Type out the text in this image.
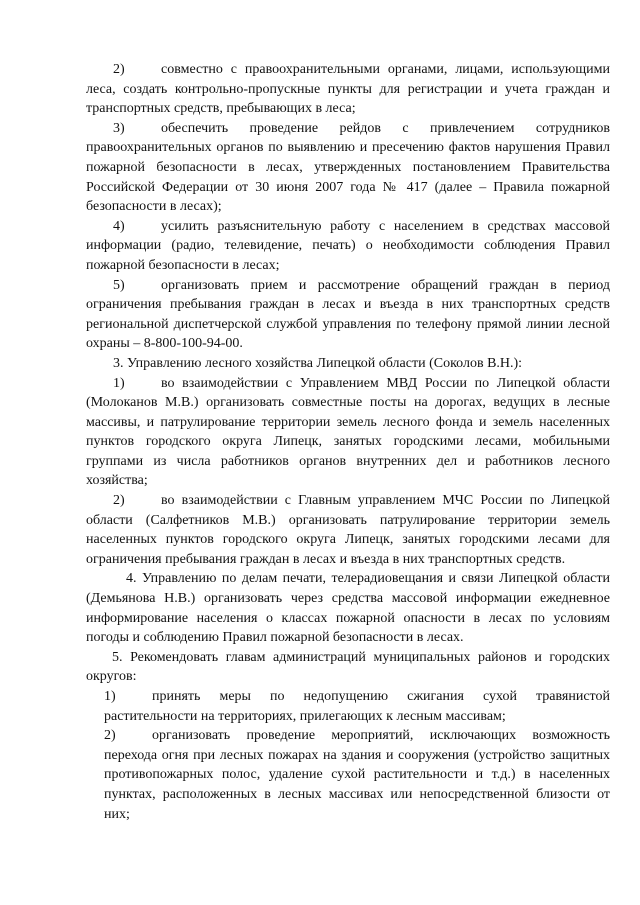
2)	совместно с правоохранительными органами, лицами, использующими леса, создать контрольно-пропускные пункты для регистрации и учета граждан и транспортных средств, пребывающих в леса;

3)	обеспечить проведение рейдов с привлечением сотрудников правоохранительных органов по выявлению и пресечению фактов нарушения Правил пожарной безопасности в лесах, утвержденных постановлением Правительства Российской Федерации от 30 июня 2007 года № 417 (далее – Правила пожарной безопасности в лесах);

4)	усилить разъяснительную работу с населением в средствах массовой информации (радио, телевидение, печать) о необходимости соблюдения Правил пожарной безопасности в лесах;

5)	организовать прием и рассмотрение обращений граждан в период ограничения пребывания граждан в лесах и въезда в них транспортных средств региональной диспетчерской службой управления по телефону прямой линии лесной охраны – 8-800-100-94-00.

3. Управлению лесного хозяйства Липецкой области (Соколов В.Н.):

1)	во взаимодействии с Управлением МВД России по Липецкой области (Молоканов М.В.) организовать совместные посты на дорогах, ведущих в лесные массивы, и патрулирование территории земель лесного фонда и земель населенных пунктов городского округа Липецк, занятых городскими лесами, мобильными группами из числа работников органов внутренних дел и работников лесного хозяйства;

2)	во взаимодействии с Главным управлением МЧС России по Липецкой области (Салфетников М.В.) организовать патрулирование территории земель населенных пунктов городского округа Липецк, занятых городскими лесами для ограничения пребывания граждан в лесах и въезда в них транспортных средств.

4. Управлению по делам печати, телерадиовещания и связи Липецкой области (Демьянова Н.В.) организовать через средства массовой информации ежедневное информирование населения о классах пожарной опасности в лесах по условиям погоды и соблюдению Правил пожарной безопасности в лесах.

5. Рекомендовать главам администраций муниципальных районов и городских округов:

1)	принять меры по недопущению сжигания сухой травянистой растительности на территориях, прилегающих к лесным массивам;

2)	организовать проведение мероприятий, исключающих возможность перехода огня при лесных пожарах на здания и сооружения (устройство защитных противопожарных полос, удаление сухой растительности и т.д.) в населенных пунктах, расположенных в лесных массивах или непосредственной близости от них;
